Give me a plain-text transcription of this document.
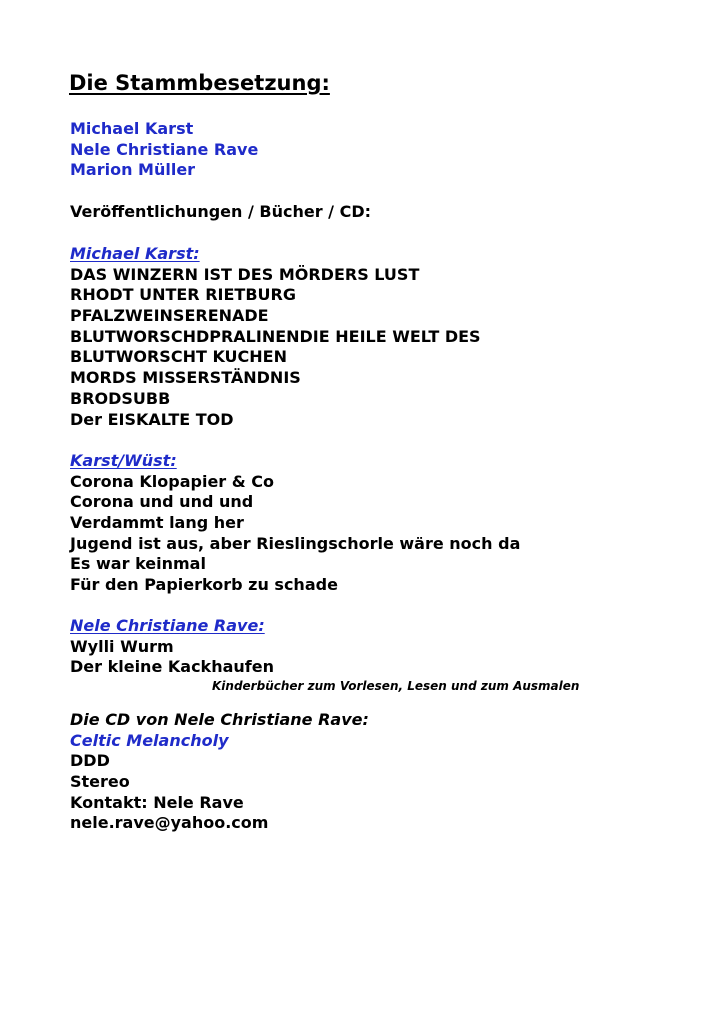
Die Stammbesetzung:
Michael Karst
Nele Christiane Rave
Marion Müller
Veröffentlichungen / Bücher / CD:
Michael Karst:
DAS WINZERN IST DES MÖRDERS LUST
RHODT UNTER RIETBURG
PFALZWEINSERENADE
BLUTWORSCHDPRALINENDIE HEILE WELT DES
BLUTWORSCHT KUCHEN
MORDS MISSERSTÄNDNIS
BRODSUBB
Der EISKALTE TOD
Karst/Wüst:
Corona Klopapier & Co
Corona und und und
Verdammt lang her
Jugend ist aus, aber Rieslingschorle wäre noch da
Es war keinmal
Für den Papierkorb zu schade
Nele Christiane Rave:
Wylli Wurm
Der kleine Kackhaufen
Kinderbücher zum Vorlesen, Lesen und zum Ausmalen
Die CD von Nele Christiane Rave:
Celtic Melancholy
DDD
Stereo
Kontakt: Nele Rave
nele.rave@yahoo.com
